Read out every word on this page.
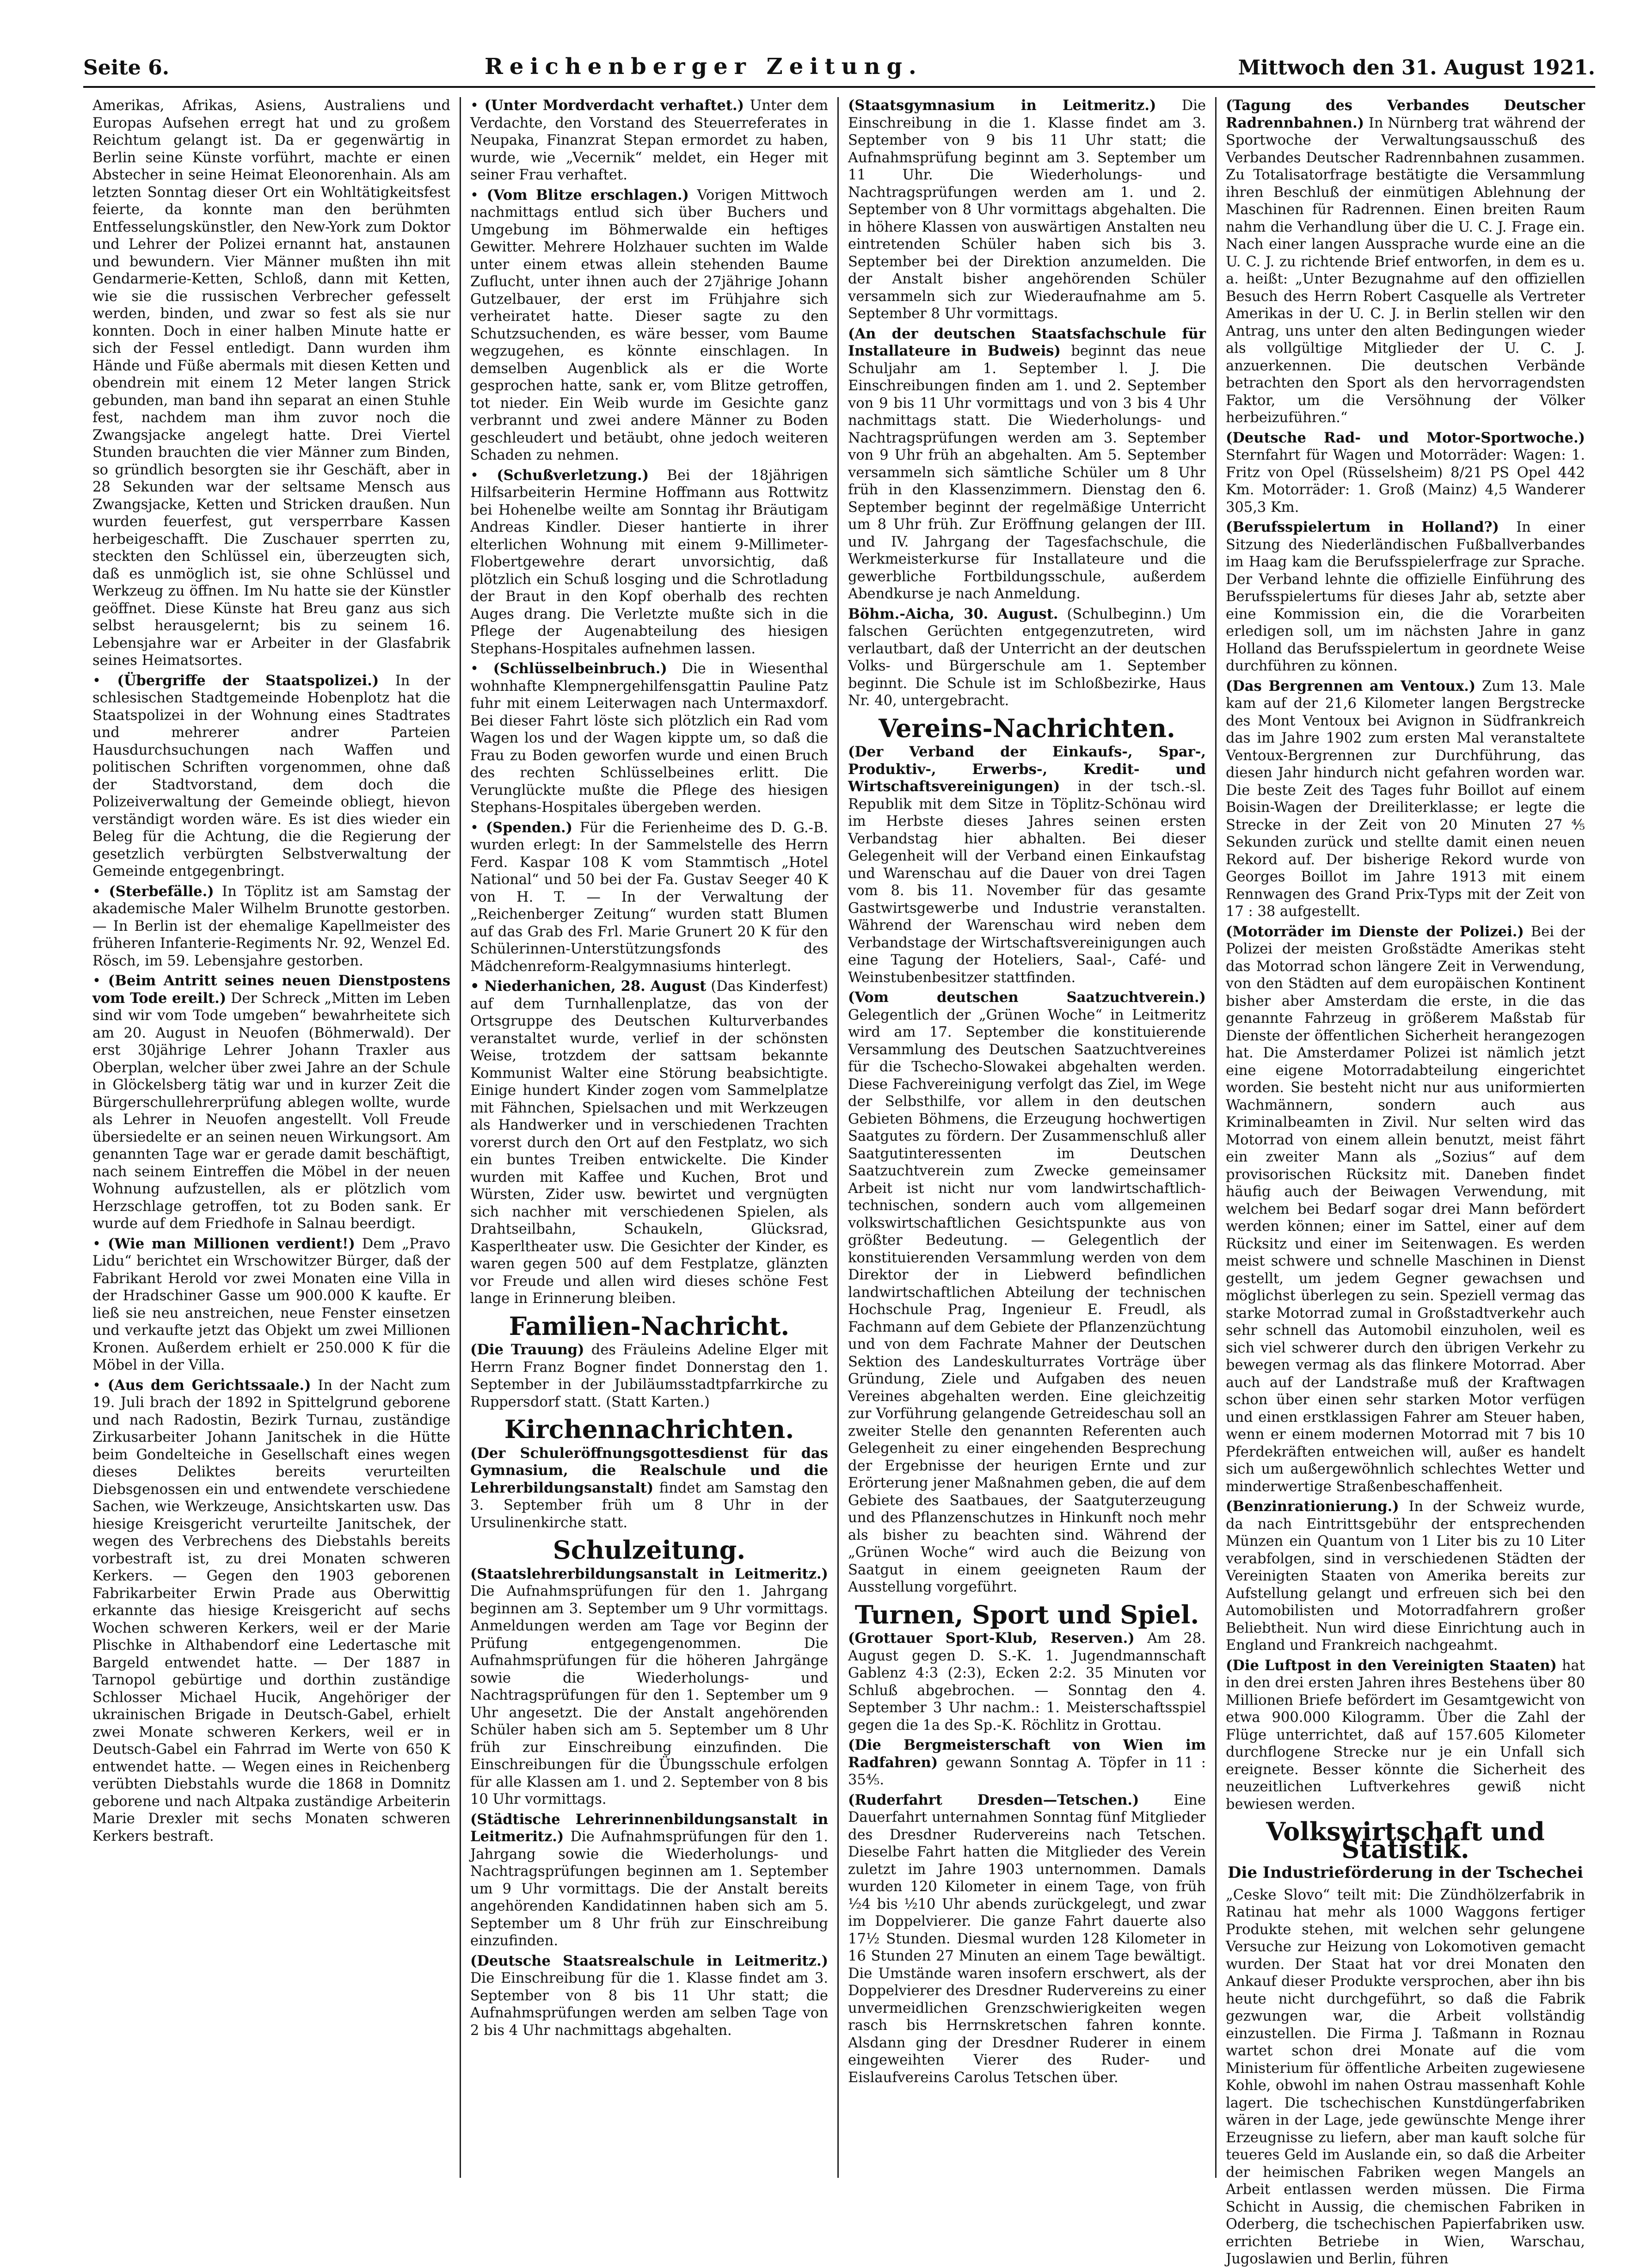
Seite 6.	Reichenberger Zeitung.	Mittwoch den 31. August 1921.

Amerikas, Afrikas, Asiens, Australiens und Europas Aufsehen erregt hat und zu großem Reichtum gelangt ist. Da er gegenwärtig in Berlin seine Künste vorführt, machte er einen Abstecher in seine Heimat Eleonorenhain. Als am letzten Sonntag dieser Ort ein Wohltätigkeitsfest feierte, da konnte man den berühmten Entfesselungskünstler, den New-York zum Doktor und Lehrer der Polizei ernannt hat, anstaunen und bewundern. Vier Männer mußten ihn mit Gendarmerie-Ketten, Schloß, dann mit Ketten, wie sie die russischen Verbrecher gefesselt werden, binden, und zwar so fest als sie nur konnten. Doch in einer halben Minute hatte er sich der Fessel entledigt. Dann wurden ihm Hände und Füße abermals mit diesen Ketten und obendrein mit einem 12 Meter langen Strick gebunden, man band ihn separat an einen Stuhle fest, nachdem man ihm zuvor noch die Zwangsjacke angelegt hatte. Drei Viertel Stunden brauchten die vier Männer zum Binden, so gründlich besorgten sie ihr Geschäft, aber in 28 Sekunden war der seltsame Mensch aus Zwangsjacke, Ketten und Stricken draußen. Nun wurden feuerfest, gut versperrbare Kassen herbeigeschafft. Die Zuschauer sperrten zu, steckten den Schlüssel ein, überzeugten sich, daß es unmöglich ist, sie ohne Schlüssel und Werkzeug zu öffnen. Im Nu hatte sie der Künstler geöffnet. Diese Künste hat Breu ganz aus sich selbst herausgelernt; bis zu seinem 16. Lebensjahre war er Arbeiter in der Glasfabrik seines Heimatsortes.

• (Übergriffe der Staatspolizei.) In der schlesischen Stadtgemeinde Hobenplotz hat die Staatspolizei in der Wohnung eines Stadtrates und mehrerer andrer Parteien Hausdurchsuchungen nach Waffen und politischen Schriften vorgenommen, ohne daß der Stadtvorstand, dem doch die Polizeiverwaltung der Gemeinde obliegt, hievon verständigt worden wäre. Es ist dies wieder ein Beleg für die Achtung, die die Regierung der gesetzlich verbürgten Selbstverwaltung der Gemeinde entgegenbringt.

• (Sterbefälle.) In Töplitz ist am Samstag der akademische Maler Wilhelm Brunotte gestorben. — In Berlin ist der ehemalige Kapellmeister des früheren Infanterie-Regiments Nr. 92, Wenzel Ed. Rösch, im 59. Lebensjahre gestorben.

• (Beim Antritt seines neuen Dienstpostens vom Tode ereilt.) Der Schreck „Mitten im Leben sind wir vom Tode umgeben“ bewahrheitete sich am 20. August in Neuofen (Böhmerwald). Der erst 30jährige Lehrer Johann Traxler aus Oberplan, welcher über zwei Jahre an der Schule in Glöckelsberg tätig war und in kurzer Zeit die Bürgerschullehrerprüfung ablegen wollte, wurde als Lehrer in Neuofen angestellt. Voll Freude übersiedelte er an seinen neuen Wirkungsort. Am genannten Tage war er gerade damit beschäftigt, nach seinem Eintreffen die Möbel in der neuen Wohnung aufzustellen, als er plötzlich vom Herzschlage getroffen, tot zu Boden sank. Er wurde auf dem Friedhofe in Salnau beerdigt.

• (Wie man Millionen verdient!) Dem „Pravo Lidu“ berichtet ein Wrschowitzer Bürger, daß der Fabrikant Herold vor zwei Monaten eine Villa in der Hradschiner Gasse um 900.000 K kaufte. Er ließ sie neu anstreichen, neue Fenster einsetzen und verkaufte jetzt das Objekt um zwei Millionen Kronen. Außerdem erhielt er 250.000 K für die Möbel in der Villa.

• (Aus dem Gerichtssaale.) In der Nacht zum 19. Juli brach der 1892 in Spittelgrund geborene und nach Radostin, Bezirk Turnau, zuständige Zirkusarbeiter Johann Janitschek in die Hütte beim Gondelteiche in Gesellschaft eines wegen dieses Deliktes bereits verurteilten Diebsgenossen ein und entwendete verschiedene Sachen, wie Werkzeuge, Ansichtskarten usw. Das hiesige Kreisgericht verurteilte Janitschek, der wegen des Verbrechens des Diebstahls bereits vorbestraft ist, zu drei Monaten schweren Kerkers. — Gegen den 1903 geborenen Fabrikarbeiter Erwin Prade aus Oberwittig erkannte das hiesige Kreisgericht auf sechs Wochen schweren Kerkers, weil er der Marie Plischke in Althabendorf eine Ledertasche mit Bargeld entwendet hatte. — Der 1887 in Tarnopol gebürtige und dorthin zuständige Schlosser Michael Hucik, Angehöriger der ukrainischen Brigade in Deutsch-Gabel, erhielt zwei Monate schweren Kerkers, weil er in Deutsch-Gabel ein Fahrrad im Werte von 650 K entwendet hatte. — Wegen eines in Reichenberg verübten Diebstahls wurde die 1868 in Domnitz geborene und nach Altpaka zuständige Arbeiterin Marie Drexler mit sechs Monaten schweren Kerkers bestraft.

• (Unter Mordverdacht verhaftet.) Unter dem Verdachte, den Vorstand des Steuerreferates in Neupaka, Finanzrat Stepan ermordet zu haben, wurde, wie „Vecernik“ meldet, ein Heger mit seiner Frau verhaftet.

• (Vom Blitze erschlagen.) Vorigen Mittwoch nachmittags entlud sich über Buchers und Umgebung im Böhmerwalde ein heftiges Gewitter. Mehrere Holzhauer suchten im Walde unter einem etwas allein stehenden Baume Zuflucht, unter ihnen auch der 27jährige Johann Gutzelbauer, der erst im Frühjahre sich verheiratet hatte. Dieser sagte zu den Schutzsuchenden, es wäre besser, vom Baume wegzugehen, es könnte einschlagen. In demselben Augenblick als er die Worte gesprochen hatte, sank er, vom Blitze getroffen, tot nieder. Ein Weib wurde im Gesichte ganz verbrannt und zwei andere Männer zu Boden geschleudert und betäubt, ohne jedoch weiteren Schaden zu nehmen.

• (Schußverletzung.) Bei der 18jährigen Hilfsarbeiterin Hermine Hoffmann aus Rottwitz bei Hohenelbe weilte am Sonntag ihr Bräutigam Andreas Kindler. Dieser hantierte in ihrer elterlichen Wohnung mit einem 9-Millimeter-Flobertgewehre derart unvorsichtig, daß plötzlich ein Schuß losging und die Schrotladung der Braut in den Kopf oberhalb des rechten Auges drang. Die Verletzte mußte sich in die Pflege der Augenabteilung des hiesigen Stephans-Hospitales aufnehmen lassen.

• (Schlüsselbeinbruch.) Die in Wiesenthal wohnhafte Klempnergehilfensgattin Pauline Patz fuhr mit einem Leiterwagen nach Untermaxdorf. Bei dieser Fahrt löste sich plötzlich ein Rad vom Wagen los und der Wagen kippte um, so daß die Frau zu Boden geworfen wurde und einen Bruch des rechten Schlüsselbeines erlitt. Die Verunglückte mußte die Pflege des hiesigen Stephans-Hospitales übergeben werden.

• (Spenden.) Für die Ferienheime des D. G.-B. wurden erlegt: In der Sammelstelle des Herrn Ferd. Kaspar 108 K vom Stammtisch „Hotel National“ und 50 bei der Fa. Gustav Seeger 40 K von H. T. — In der Verwaltung der „Reichenberger Zeitung“ wurden statt Blumen auf das Grab des Frl. Marie Grunert 20 K für den Schülerinnen-Unterstützungsfonds des Mädchenreform-Realgymnasiums hinterlegt.

• Niederhanichen, 28. August (Das Kinderfest) auf dem Turnhallenplatze, das von der Ortsgruppe des Deutschen Kulturverbandes veranstaltet wurde, verlief in der schönsten Weise, trotzdem der sattsam bekannte Kommunist Walter eine Störung beabsichtigte. Einige hundert Kinder zogen vom Sammelplatze mit Fähnchen, Spielsachen und mit Werkzeugen als Handwerker und in verschiedenen Trachten vorerst durch den Ort auf den Festplatz, wo sich ein buntes Treiben entwickelte. Die Kinder wurden mit Kaffee und Kuchen, Brot und Würsten, Zider usw. bewirtet und vergnügten sich nachher mit verschiedenen Spielen, als Drahtseilbahn, Schaukeln, Glücksrad, Kasperltheater usw. Die Gesichter der Kinder, es waren gegen 500 auf dem Festplatze, glänzten vor Freude und allen wird dieses schöne Fest lange in Erinnerung bleiben.

Familien-Nachricht.

(Die Trauung) des Fräuleins Adeline Elger mit Herrn Franz Bogner findet Donnerstag den 1. September in der Jubiläumsstadtpfarrkirche zu Ruppersdorf statt. (Statt Karten.)

Kirchennachrichten.

(Der Schuleröffnungsgottesdienst für das Gymnasium, die Realschule und die Lehrerbildungsanstalt) findet am Samstag den 3. September früh um 8 Uhr in der Ursulinenkirche statt.

Schulzeitung.

(Staatslehrerbildungsanstalt in Leitmeritz.) Die Aufnahmsprüfungen für den 1. Jahrgang beginnen am 3. September um 9 Uhr vormittags. Anmeldungen werden am Tage vor Beginn der Prüfung entgegengenommen. Die Aufnahmsprüfungen für die höheren Jahrgänge sowie die Wiederholungs- und Nachtragsprüfungen für den 1. September um 9 Uhr angesetzt. Die der Anstalt angehörenden Schüler haben sich am 5. September um 8 Uhr früh zur Einschreibung einzufinden. Die Einschreibungen für die Übungsschule erfolgen für alle Klassen am 1. und 2. September von 8 bis 10 Uhr vormittags.

(Städtische Lehrerinnenbildungsanstalt in Leitmeritz.) Die Aufnahmsprüfungen für den 1. Jahrgang sowie die Wiederholungs- und Nachtragsprüfungen beginnen am 1. September um 9 Uhr vormittags. Die der Anstalt bereits angehörenden Kandidatinnen haben sich am 5. September um 8 Uhr früh zur Einschreibung einzufinden.

(Deutsche Staatsrealschule in Leitmeritz.) Die Einschreibung für die 1. Klasse findet am 3. September von 8 bis 11 Uhr statt; die Aufnahmsprüfungen werden am selben Tage von 2 bis 4 Uhr nachmittags abgehalten.

(Staatsgymnasium in Leitmeritz.) Die Einschreibung in die 1. Klasse findet am 3. September von 9 bis 11 Uhr statt; die Aufnahmsprüfung beginnt am 3. September um 11 Uhr. Die Wiederholungs- und Nachtragsprüfungen werden am 1. und 2. September von 8 Uhr vormittags abgehalten. Die in höhere Klassen von auswärtigen Anstalten neu eintretenden Schüler haben sich bis 3. September bei der Direktion anzumelden. Die der Anstalt bisher angehörenden Schüler versammeln sich zur Wiederaufnahme am 5. September 8 Uhr vormittags.

(An der deutschen Staatsfachschule für Installateure in Budweis) beginnt das neue Schuljahr am 1. September l. J. Die Einschreibungen finden am 1. und 2. September von 9 bis 11 Uhr vormittags und von 3 bis 4 Uhr nachmittags statt. Die Wiederholungs- und Nachtragsprüfungen werden am 3. September von 9 Uhr früh an abgehalten. Am 5. September versammeln sich sämtliche Schüler um 8 Uhr früh in den Klassenzimmern. Dienstag den 6. September beginnt der regelmäßige Unterricht um 8 Uhr früh. Zur Eröffnung gelangen der III. und IV. Jahrgang der Tagesfachschule, die Werkmeisterkurse für Installateure und die gewerbliche Fortbildungsschule, außerdem Abendkurse je nach Anmeldung.

Böhm.-Aicha, 30. August. (Schulbeginn.) Um falschen Gerüchten entgegenzutreten, wird verlautbart, daß der Unterricht an der deutschen Volks- und Bürgerschule am 1. September beginnt. Die Schule ist im Schloßbezirke, Haus Nr. 40, untergebracht.

Vereins-Nachrichten.

(Der Verband der Einkaufs-, Spar-, Produktiv-, Erwerbs-, Kredit- und Wirtschaftsvereinigungen) in der tsch.-sl. Republik mit dem Sitze in Töplitz-Schönau wird im Herbste dieses Jahres seinen ersten Verbandstag hier abhalten. Bei dieser Gelegenheit will der Verband einen Einkaufstag und Warenschau auf die Dauer von drei Tagen vom 8. bis 11. November für das gesamte Gastwirtsgewerbe und Industrie veranstalten. Während der Warenschau wird neben dem Verbandstage der Wirtschaftsvereinigungen auch eine Tagung der Hoteliers, Saal-, Café- und Weinstubenbesitzer stattfinden.

(Vom deutschen Saatzuchtverein.) Gelegentlich der „Grünen Woche“ in Leitmeritz wird am 17. September die konstituierende Versammlung des Deutschen Saatzuchtvereines für die Tschecho-Slowakei abgehalten werden. Diese Fachvereinigung verfolgt das Ziel, im Wege der Selbsthilfe, vor allem in den deutschen Gebieten Böhmens, die Erzeugung hochwertigen Saatgutes zu fördern. Der Zusammenschluß aller Saatgutinteressenten im Deutschen Saatzuchtverein zum Zwecke gemeinsamer Arbeit ist nicht nur vom landwirtschaftlich-technischen, sondern auch vom allgemeinen volkswirtschaftlichen Gesichtspunkte aus von größter Bedeutung. — Gelegentlich der konstituierenden Versammlung werden von dem Direktor der in Liebwerd befindlichen landwirtschaftlichen Abteilung der technischen Hochschule Prag, Ingenieur E. Freudl, als Fachmann auf dem Gebiete der Pflanzenzüchtung und von dem Fachrate Mahner der Deutschen Sektion des Landeskulturrates Vorträge über Gründung, Ziele und Aufgaben des neuen Vereines abgehalten werden. Eine gleichzeitig zur Vorführung gelangende Getreideschau soll an zweiter Stelle den genannten Referenten auch Gelegenheit zu einer eingehenden Besprechung der Ergebnisse der heurigen Ernte und zur Erörterung jener Maßnahmen geben, die auf dem Gebiete des Saatbaues, der Saatguterzeugung und des Pflanzenschutzes in Hinkunft noch mehr als bisher zu beachten sind. Während der „Grünen Woche“ wird auch die Beizung von Saatgut in einem geeigneten Raum der Ausstellung vorgeführt.

Turnen, Sport und Spiel.

(Grottauer Sport-Klub, Reserven.) Am 28. August gegen D. S.-K. 1. Jugendmannschaft Gablenz 4:3 (2:3), Ecken 2:2. 35 Minuten vor Schluß abgebrochen. — Sonntag den 4. September 3 Uhr nachm.: 1. Meisterschaftsspiel gegen die 1a des Sp.-K. Röchlitz in Grottau.

(Die Bergmeisterschaft von Wien im Radfahren) gewann Sonntag A. Töpfer in 11 : 35⅘.

(Ruderfahrt Dresden—Tetschen.) Eine Dauerfahrt unternahmen Sonntag fünf Mitglieder des Dresdner Rudervereins nach Tetschen. Dieselbe Fahrt hatten die Mitglieder des Verein zuletzt im Jahre 1903 unternommen. Damals wurden 120 Kilometer in einem Tage, von früh ½4 bis ½10 Uhr abends zurückgelegt, und zwar im Doppelvierer. Die ganze Fahrt dauerte also 17½ Stunden. Diesmal wurden 128 Kilometer in 16 Stunden 27 Minuten an einem Tage bewältigt. Die Umstände waren insofern erschwert, als der Doppelvierer des Dresdner Rudervereins zu einer unvermeidlichen Grenzschwierigkeiten wegen rasch bis Herrnskretschen fahren konnte. Alsdann ging der Dresdner Ruderer in einem eingeweihten Vierer des Ruder- und Eislaufvereins Carolus Tetschen über.

(Tagung des Verbandes Deutscher Radrennbahnen.) In Nürnberg trat während der Sportwoche der Verwaltungsausschuß des Verbandes Deutscher Radrennbahnen zusammen. Zu Totalisatorfrage bestätigte die Versammlung ihren Beschluß der einmütigen Ablehnung der Maschinen für Radrennen. Einen breiten Raum nahm die Verhandlung über die U. C. J. Frage ein. Nach einer langen Aussprache wurde eine an die U. C. J. zu richtende Brief entworfen, in dem es u. a. heißt: „Unter Bezugnahme auf den offiziellen Besuch des Herrn Robert Casquelle als Vertreter Amerikas in der U. C. J. in Berlin stellen wir den Antrag, uns unter den alten Bedingungen wieder als vollgültige Mitglieder der U. C. J. anzuerkennen. Die deutschen Verbände betrachten den Sport als den hervorragendsten Faktor, um die Versöhnung der Völker herbeizuführen.“

(Deutsche Rad- und Motor-Sportwoche.) Sternfahrt für Wagen und Motorräder: Wagen: 1. Fritz von Opel (Rüsselsheim) 8/21 PS Opel 442 Km. Motorräder: 1. Groß (Mainz) 4,5 Wanderer 305,3 Km.

(Berufsspielertum in Holland?) In einer Sitzung des Niederländischen Fußballverbandes im Haag kam die Berufsspielerfrage zur Sprache. Der Verband lehnte die offizielle Einführung des Berufsspielertums für dieses Jahr ab, setzte aber eine Kommission ein, die die Vorarbeiten erledigen soll, um im nächsten Jahre in ganz Holland das Berufsspielertum in geordnete Weise durchführen zu können.

(Das Bergrennen am Ventoux.) Zum 13. Male kam auf der 21,6 Kilometer langen Bergstrecke des Mont Ventoux bei Avignon in Südfrankreich das im Jahre 1902 zum ersten Mal veranstaltete Ventoux-Bergrennen zur Durchführung, das diesen Jahr hindurch nicht gefahren worden war. Die beste Zeit des Tages fuhr Boillot auf einem Boisin-Wagen der Dreiliterklasse; er legte die Strecke in der Zeit von 20 Minuten 27⅘ Sekunden zurück und stellte damit einen neuen Rekord auf. Der bisherige Rekord wurde von Georges Boillot im Jahre 1913 mit einem Rennwagen des Grand Prix-Typs mit der Zeit von 17 : 38 aufgestellt.

(Motorräder im Dienste der Polizei.) Bei der Polizei der meisten Großstädte Amerikas steht das Motorrad schon längere Zeit in Verwendung, von den Städten auf dem europäischen Kontinent bisher aber Amsterdam die erste, in die das genannte Fahrzeug in größerem Maßstab für Dienste der öffentlichen Sicherheit herangezogen hat. Die Amsterdamer Polizei ist nämlich jetzt eine eigene Motorradabteilung eingerichtet worden. Sie besteht nicht nur aus uniformierten Wachmännern, sondern auch aus Kriminalbeamten in Zivil. Nur selten wird das Motorrad von einem allein benutzt, meist fährt ein zweiter Mann als „Sozius“ auf dem provisorischen Rücksitz mit. Daneben findet häufig auch der Beiwagen Verwendung, mit welchem bei Bedarf sogar drei Mann befördert werden können; einer im Sattel, einer auf dem Rücksitz und einer im Seitenwagen. Es werden meist schwere und schnelle Maschinen in Dienst gestellt, um jedem Gegner gewachsen und möglichst überlegen zu sein. Speziell vermag das starke Motorrad zumal in Großstadtverkehr auch sehr schnell das Automobil einzuholen, weil es sich viel schwerer durch den übrigen Verkehr zu bewegen vermag als das flinkere Motorrad. Aber auch auf der Landstraße muß der Kraftwagen schon über einen sehr starken Motor verfügen und einen erstklassigen Fahrer am Steuer haben, wenn er einem modernen Motorrad mit 7 bis 10 Pferdekräften entweichen will, außer es handelt sich um außergewöhnlich schlechtes Wetter und minderwertige Straßenbeschaffenheit.

(Benzinrationierung.) In der Schweiz wurde, da nach Eintrittsgebühr der entsprechenden Münzen ein Quantum von 1 Liter bis zu 10 Liter verabfolgen, sind in verschiedenen Städten der Vereinigten Staaten von Amerika bereits zur Aufstellung gelangt und erfreuen sich bei den Automobilisten und Motorradfahrern großer Beliebtheit. Nun wird diese Einrichtung auch in England und Frankreich nachgeahmt.

(Die Luftpost in den Vereinigten Staaten) hat in den drei ersten Jahren ihres Bestehens über 80 Millionen Briefe befördert im Gesamtgewicht von etwa 900.000 Kilogramm. Über die Zahl der Flüge unterrichtet, daß auf 157.605 Kilometer durchflogene Strecke nur je ein Unfall sich ereignete. Besser könnte die Sicherheit des neuzeitlichen Luftverkehres gewiß nicht bewiesen werden.

Volkswirtschaft und Statistik.
Die Industrieförderung in der Tschechei

„Ceske Slovo“ teilt mit: Die Zündhölzerfabrik in Ratinau hat mehr als 1000 Waggons fertiger Produkte stehen, mit welchen sehr gelungene Versuche zur Heizung von Lokomotiven gemacht wurden. Der Staat hat vor drei Monaten den Ankauf dieser Produkte versprochen, aber ihn bis heute nicht durchgeführt, so daß die Fabrik gezwungen war, die Arbeit vollständig einzustellen. Die Firma J. Taßmann in Roznau wartet schon drei Monate auf die vom Ministerium für öffentliche Arbeiten zugewiesene Kohle, obwohl im nahen Ostrau massenhaft Kohle lagert. Die tschechischen Kunstdüngerfabriken wären in der Lage, jede gewünschte Menge ihrer Erzeugnisse zu liefern, aber man kauft solche für teueres Geld im Auslande ein, so daß die Arbeiter der heimischen Fabriken wegen Mangels an Arbeit entlassen werden müssen. Die Firma Schicht in Aussig, die chemischen Fabriken in Oderberg, die tschechischen Papierfabriken usw. errichten Betriebe in Wien, Warschau, Jugoslawien und Berlin, führen
